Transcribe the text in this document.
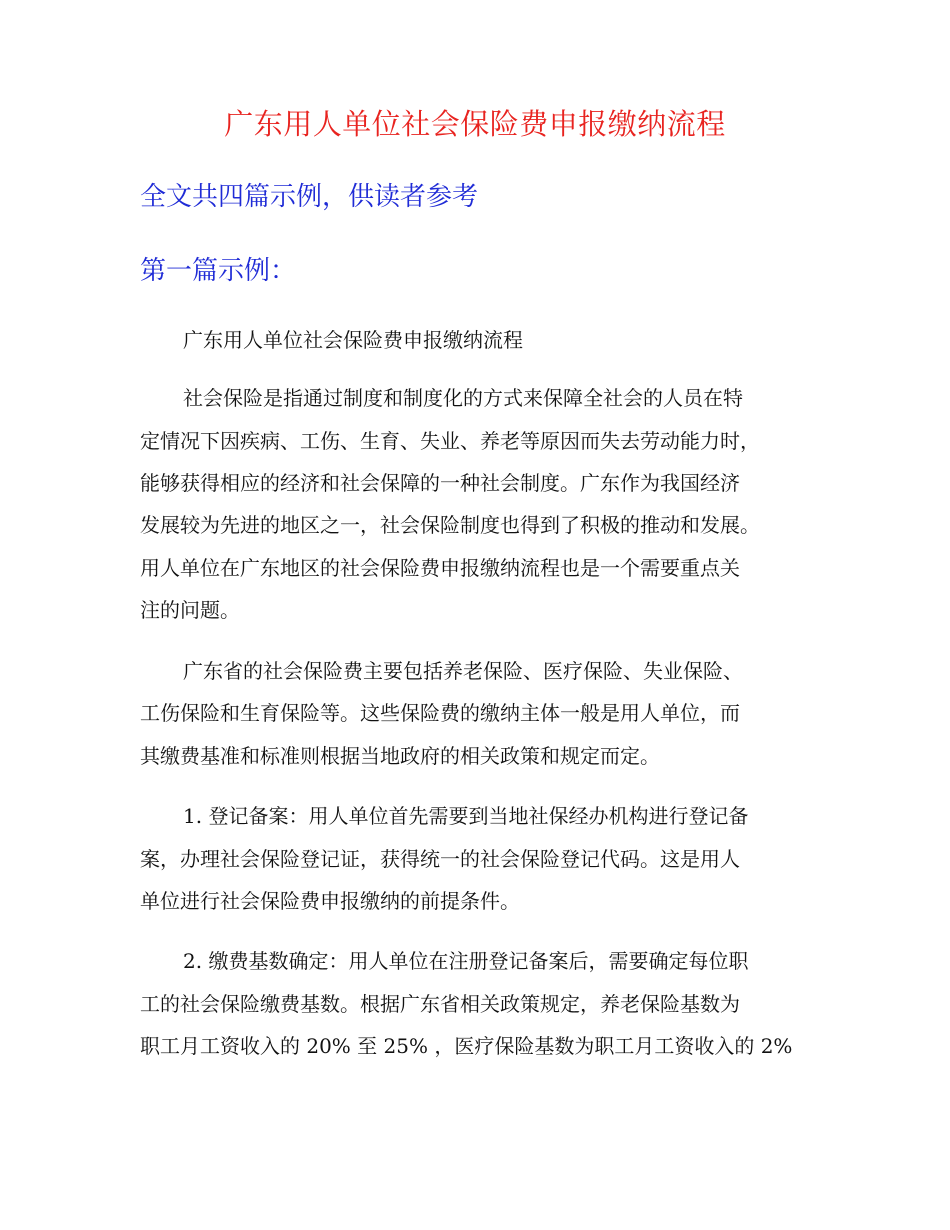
广东用人单位社会保险费申报缴纳流程
全文共四篇示例，供读者参考
第一篇示例：
广东用人单位社会保险费申报缴纳流程
社会保险是指通过制度和制度化的方式来保障全社会的人员在特
定情况下因疾病、工伤、生育、失业、养老等原因而失去劳动能力时，
能够获得相应的经济和社会保障的一种社会制度。广东作为我国经济
发展较为先进的地区之一，社会保险制度也得到了积极的推动和发展。
用人单位在广东地区的社会保险费申报缴纳流程也是一个需要重点关
注的问题。
广东省的社会保险费主要包括养老保险、医疗保险、失业保险、
工伤保险和生育保险等。这些保险费的缴纳主体一般是用人单位，而
其缴费基准和标准则根据当地政府的相关政策和规定而定。
1. 登记备案：用人单位首先需要到当地社保经办机构进行登记备
案，办理社会保险登记证，获得统一的社会保险登记代码。这是用人
单位进行社会保险费申报缴纳的前提条件。
2. 缴费基数确定：用人单位在注册登记备案后，需要确定每位职
工的社会保险缴费基数。根据广东省相关政策规定，养老保险基数为
职工月工资收入的 20% 至 25% ，医疗保险基数为职工月工资收入的 2%
